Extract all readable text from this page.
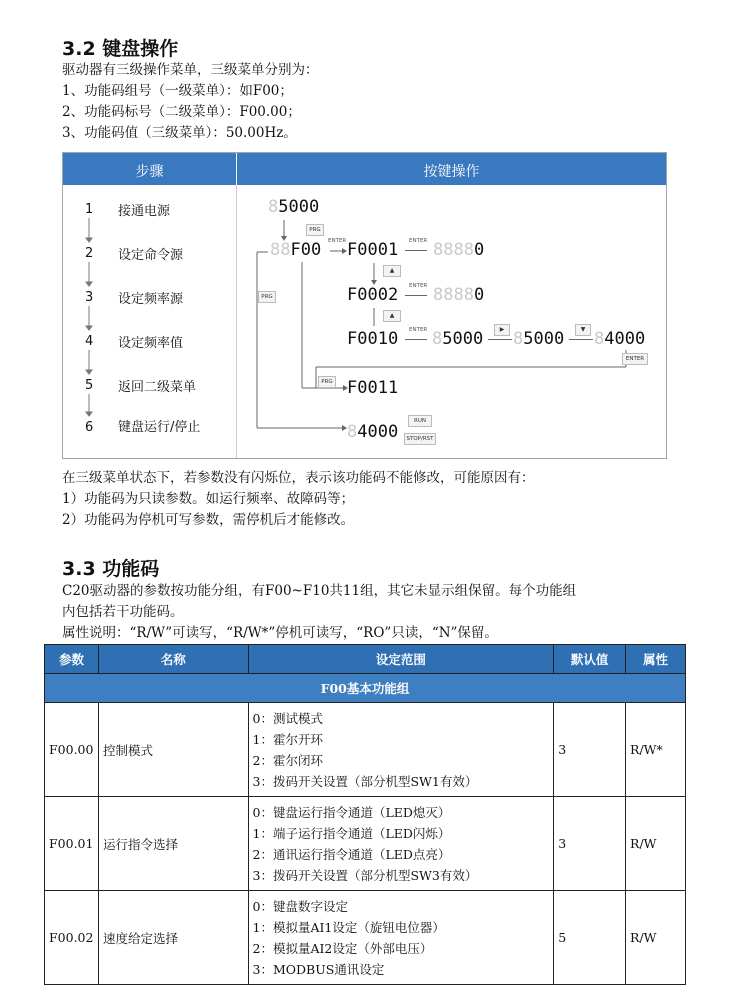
3.2 键盘操作
驱动器有三级操作菜单，三级菜单分别为：
1、功能码组号（一级菜单）：如F00；
2、功能码标号（二级菜单）：F00.00；
3、功能码值（三级菜单）：50.00Hz。
步骤	按键操作
1 接通电源
2 设定命令源
3 设定频率源
4 设定频率值
5 返回二级菜单
6 键盘运行/停止
85000
PRG
88F00 ENTER F0001 ENTER 88880
▲
PRG	F0002 ENTER 88880
▲
F0010 ENTER 85000	▶ 85000	▼ 84000
ENTER
PRG F0011
84000
RUN
STOP/RST
在三级菜单状态下，若参数没有闪烁位，表示该功能码不能修改，可能原因有：
1）功能码为只读参数。如运行频率、故障码等；
2）功能码为停机可写参数，需停机后才能修改。
3.3 功能码
C20驱动器的参数按功能分组，有F00~F10共11组，其它未显示组保留。每个功能组
内包括若干功能码。
属性说明：“R/W”可读写，“R/W*”停机可读写，“RO”只读，“N”保留。
参数	名称	设定范围	默认值	属性
F00基本功能组				
F00.00	控制模式	0：测试模式
1：霍尔开环
2：霍尔闭环
3：拨码开关设置（部分机型SW1有效）	3	R/W*
F00.01	运行指令选择	0：键盘运行指令通道（LED熄灭）
1：端子运行指令通道（LED闪烁）
2：通讯运行指令通道（LED点亮）
3：拨码开关设置（部分机型SW3有效）	3	R/W
F00.02	速度给定选择	0：键盘数字设定
1：模拟量AI1设定（旋钮电位器）
2：模拟量AI2设定（外部电压）
3：MODBUS通讯设定	5	R/W
